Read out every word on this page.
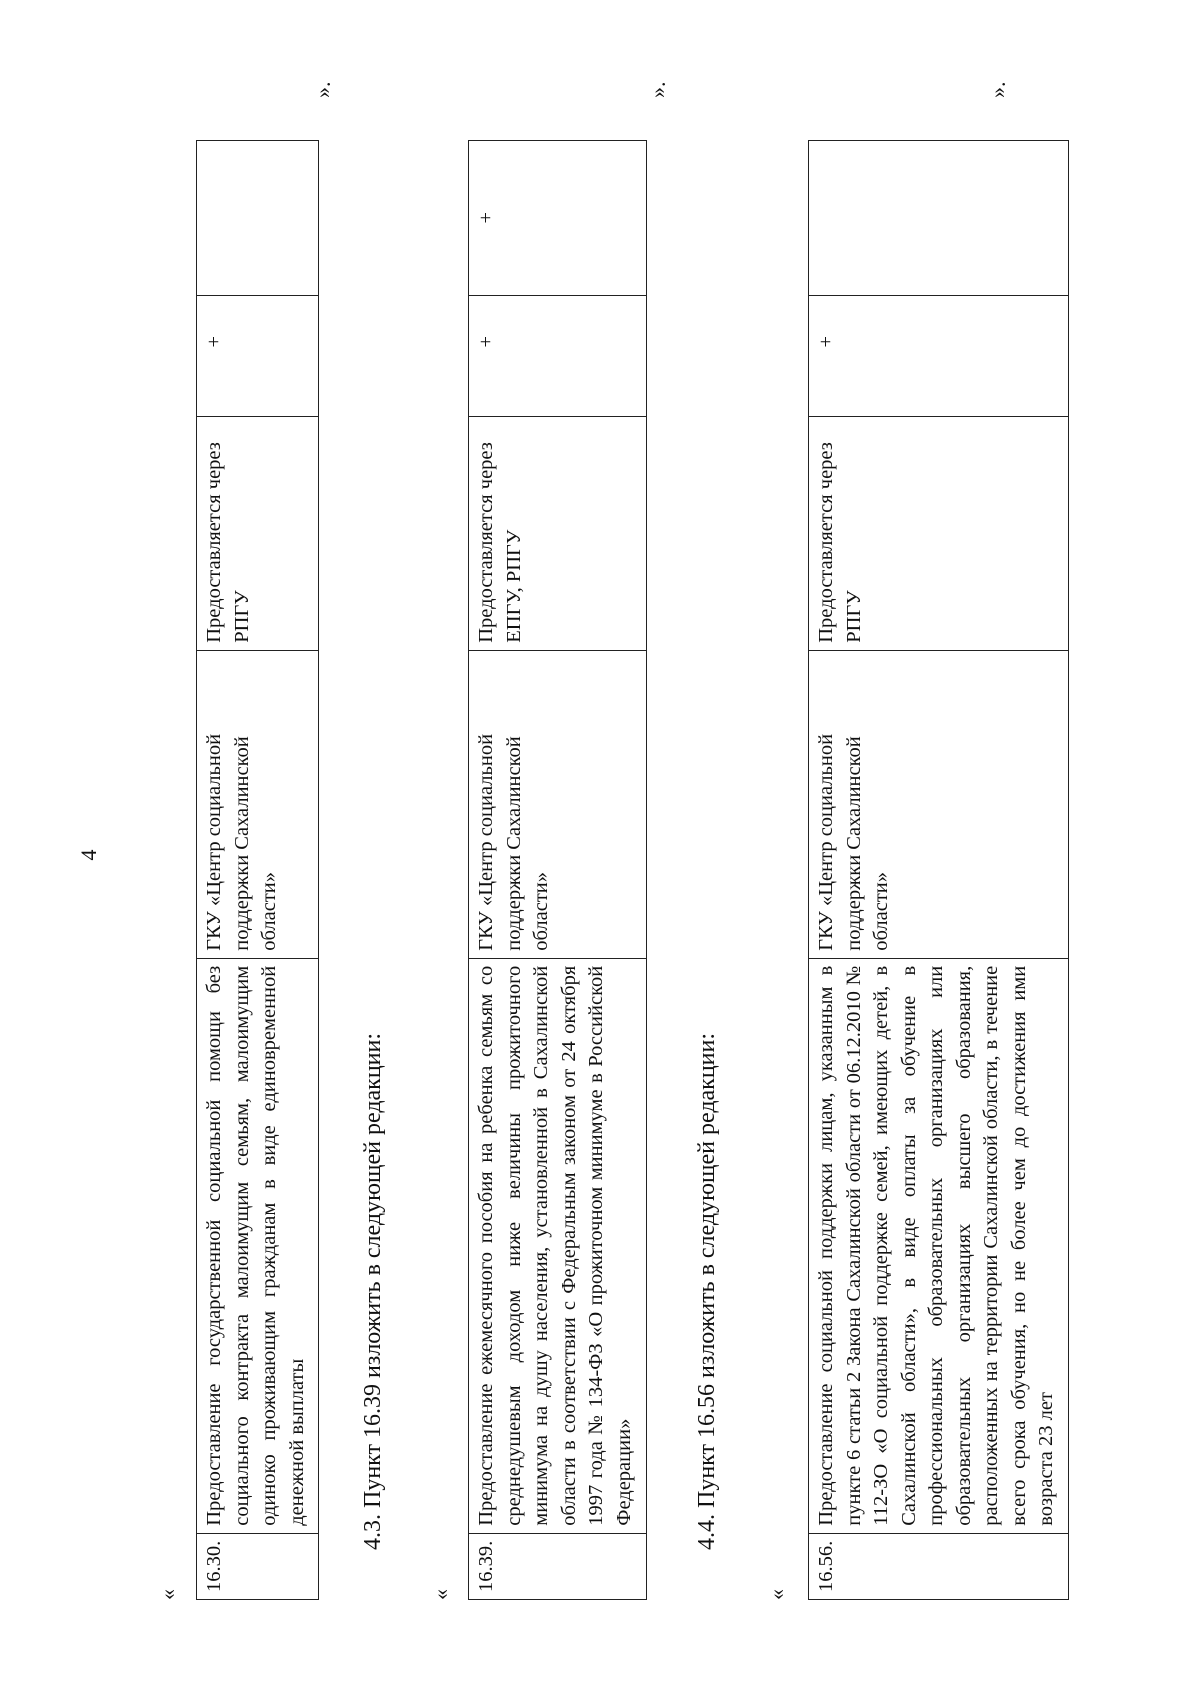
4
«
16.30.	Предоставление государственной социальной помощи без социального контракта малоимущим семьям, малоимущим одиноко проживающим гражданам в виде единовременной денежной выплаты	ГКУ «Центр социальной поддержки Сахалинской области»	Предоставляется через РПГУ	+	
».
4.3. Пункт 16.39 изложить в следующей редакции:
«
16.39.	Предоставление ежемесячного пособия на ребенка семьям со среднедушевым доходом ниже величины прожиточного минимума на душу населения, установленной в Сахалинской области в соответствии с Федеральным законом от 24 октября 1997 года № 134-ФЗ «О прожиточном минимуме в Российской Федерации»	ГКУ «Центр социальной поддержки Сахалинской области»	Предоставляется через ЕПГУ, РПГУ	+	+
».
4.4. Пункт 16.56 изложить в следующей редакции:
«
16.56.	Предоставление социальной поддержки лицам, указанным в пункте 6 статьи 2 Закона Сахалинской области от 06.12.2010 № 112-ЗО «О социальной поддержке семей, имеющих детей, в Сахалинской области», в виде оплаты за обучение в профессиональных образовательных организациях или образовательных организациях высшего образования, расположенных на территории Сахалинской области, в течение всего срока обучения, но не более чем до достижения ими возраста 23 лет	ГКУ «Центр социальной поддержки Сахалинской области»	Предоставляется через РПГУ	+	
».
